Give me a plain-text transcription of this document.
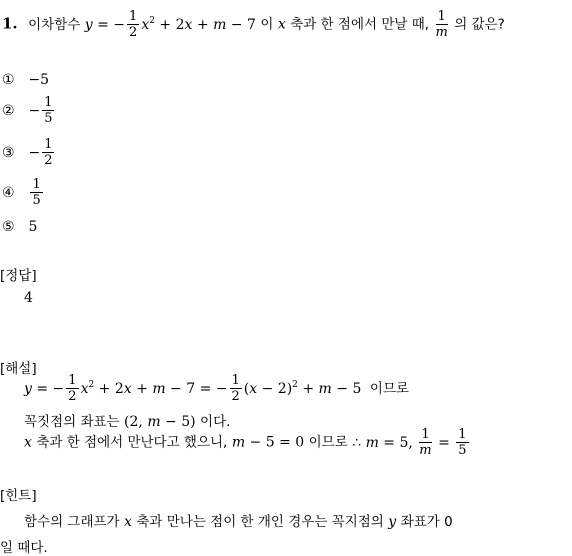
1. 이차함수 y = − $\frac{1}{2} x^2 + 2x + m - 7$ 이 x 축과 한 점에서 만날 때, $\frac{1}{m}$ 의 값은?
① −5
② − $\frac{1}{5}$
③ − $\frac{1}{2}$
④ $\frac{1}{5}$
⑤ 5
[정답]
4
[해설]
y = − $\frac{1}{2} x^2 + 2x + m - 7$ = − $\frac{1}{2} (x - 2)^2 + m - 5$ 이므로
꼭짓점의 좌표는 (2, m − 5) 이다.
x 축과 한 점에서 만난다고 했으니, m − 5 = 0 이므로 ∴ m = 5, $\frac{1}{m} = \frac{1}{5}$
[힌트]
함수의 그래프가 x 축과 만나는 점이 한 개인 경우는 꼭지점의 y 좌표가 0
일 때다.
